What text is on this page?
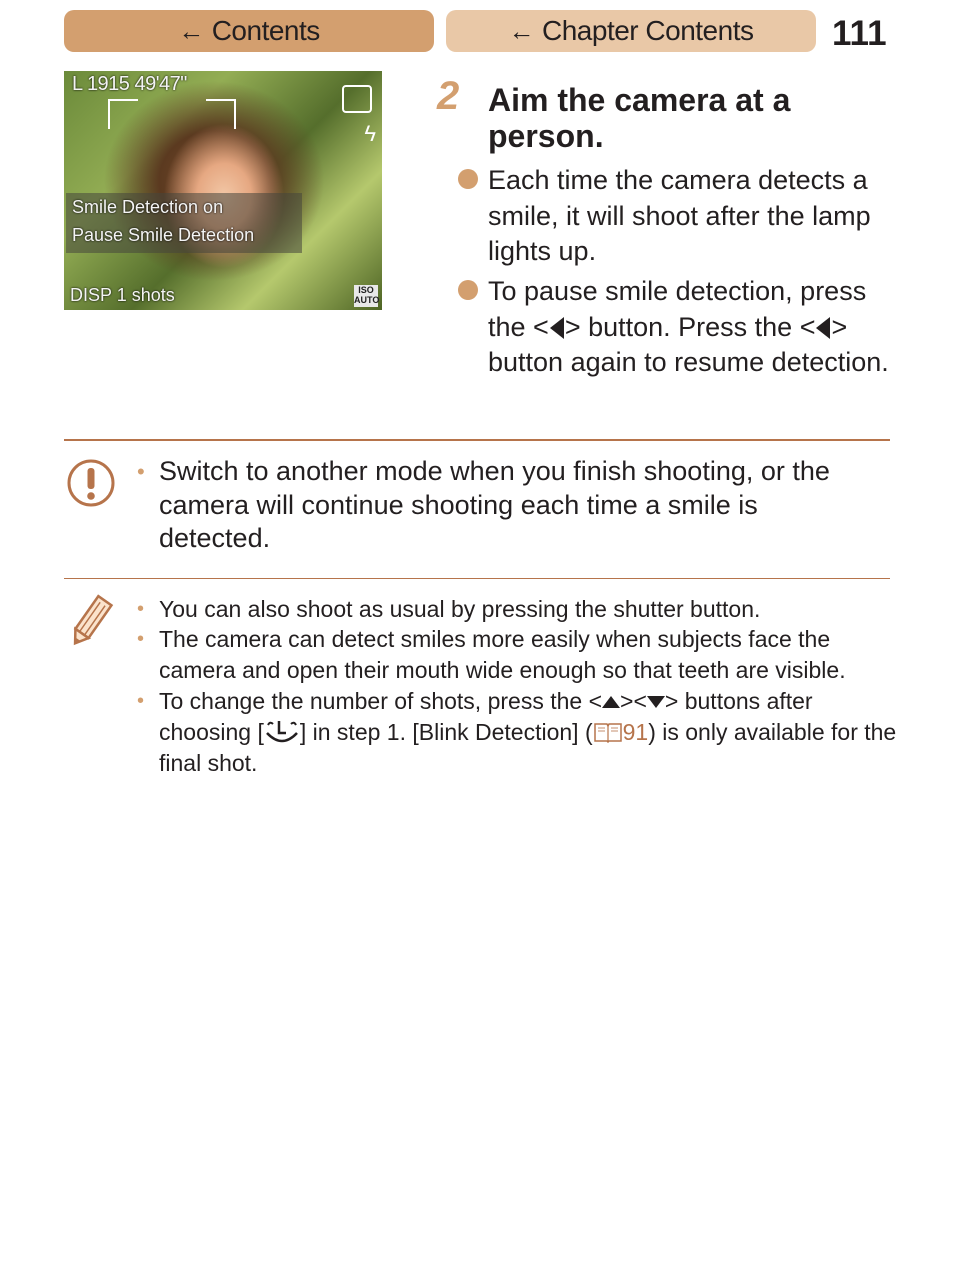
← Contents	← Chapter Contents 111
L 1915 49'47"
ϟ
Smile Detection on
Pause Smile Detection
DISP 1 shots	ISO AUTO
2 Aim the camera at a person.
Each time the camera detects a smile, it will shoot after the lamp lights up.
To pause smile detection, press the < > button. Press the < > button again to resume detection.
• Switch to another mode when you finish shooting, or the camera will continue shooting each time a smile is detected.
• You can also shoot as usual by pressing the shutter button.
• The camera can detect smiles more easily when subjects face the camera and open their mouth wide enough so that teeth are visible.
• To change the number of shots, press the < >< > buttons after choosing [ ] in step 1. [Blink Detection] ( 91) is only available for the final shot.
